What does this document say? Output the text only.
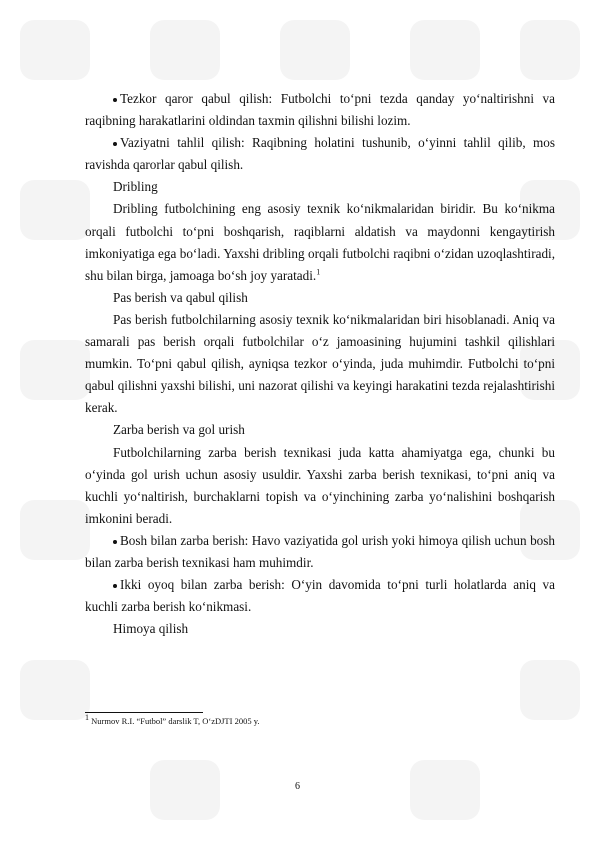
Tezkor qaror qabul qilish: Futbolchi to‘pni tezda qanday yo‘naltirishni va raqibning harakatlarini oldindan taxmin qilishni bilishi lozim.

Vaziyatni tahlil qilish: Raqibning holatini tushunib, o‘yinni tahlil qilib, mos ravishda qarorlar qabul qilish.

Dribling

Dribling futbolchining eng asosiy texnik ko‘nikmalaridan biridir. Bu ko‘nikma orqali futbolchi to‘pni boshqarish, raqiblarni aldatish va maydonni kengaytirish imkoniyatiga ega bo‘ladi. Yaxshi dribling orqali futbolchi raqibni o‘zidan uzoqlashtiradi, shu bilan birga, jamoaga bo‘sh joy yaratadi.$^1$

Pas berish va qabul qilish

Pas berish futbolchilarning asosiy texnik ko‘nikmalaridan biri hisoblanadi. Aniq va samarali pas berish orqali futbolchilar o‘z jamoasining hujumini tashkil qilishlari mumkin. To‘pni qabul qilish, ayniqsa tezkor o‘yinda, juda muhimdir. Futbolchi to‘pni qabul qilishni yaxshi bilishi, uni nazorat qilishi va keyingi harakatini tezda rejalashtirishi kerak.

Zarba berish va gol urish

Futbolchilarning zarba berish texnikasi juda katta ahamiyatga ega, chunki bu o‘yinda gol urish uchun asosiy usuldir. Yaxshi zarba berish texnikasi, to‘pni aniq va kuchli yo‘naltirish, burchaklarni topish va o‘yinchining zarba yo‘nalishini boshqarish imkonini beradi.

Bosh bilan zarba berish: Havo vaziyatida gol urish yoki himoya qilish uchun bosh bilan zarba berish texnikasi ham muhimdir.

Ikki oyoq bilan zarba berish: O‘yin davomida to‘pni turli holatlarda aniq va kuchli zarba berish ko‘nikmasi.

Himoya qilish

$^1$ Nurmov R.I. “Futbol” darslik T, O‘zDJTI 2005 y.
6
